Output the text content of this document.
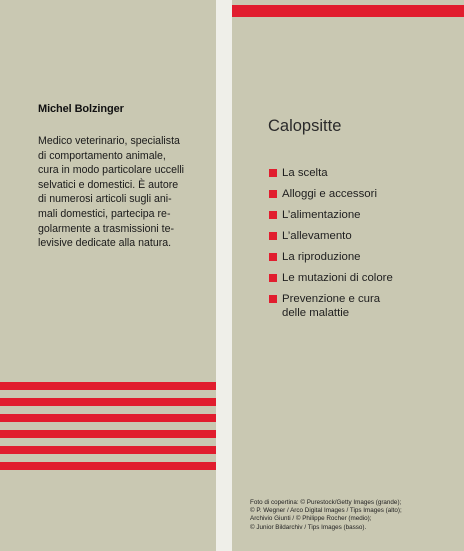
Michel Bolzinger

Medico veterinario, specialista
di comportamento animale,
cura in modo particolare uccelli
selvatici e domestici. È autore
di numerosi articoli sugli ani-
mali domestici, partecipa re-
golarmente a trasmissioni te-
levisive dedicate alla natura.

Calopsitte
La scelta
Alloggi e accessori
L’alimentazione
L’allevamento
La riproduzione
Le mutazioni di colore
Prevenzione e cura
delle malattie

Foto di copertina: © Purestock/Getty Images (grande);
© P. Wegner / Arco Digital Images / Tips Images (alto);
Archivio Giunti / © Philippe Rocher (medio);
© Junior Bildarchiv / Tips Images (basso).
